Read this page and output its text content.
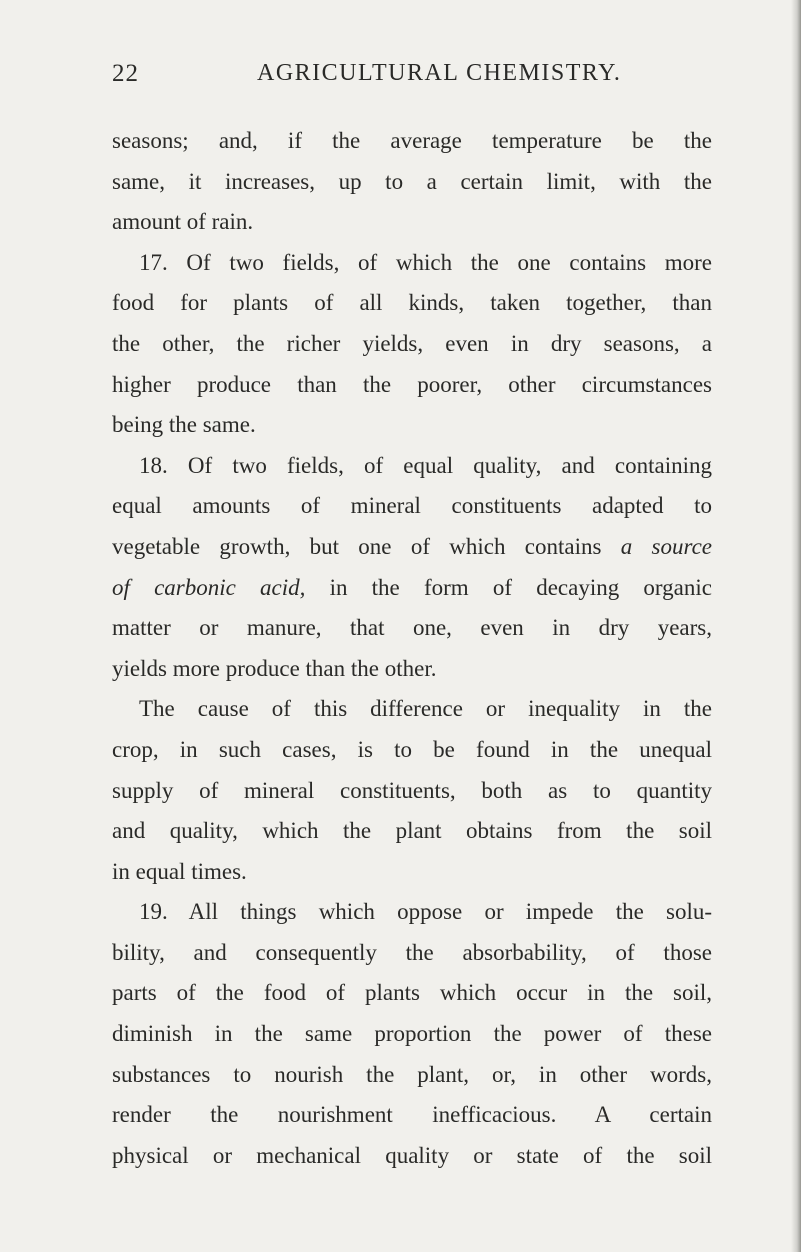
22	AGRICULTURAL CHEMISTRY.
seasons; and, if the average temperature be the
same, it increases, up to a certain limit, with the
amount of rain.
17. Of two fields, of which the one contains more
food for plants of all kinds, taken together, than
the other, the richer yields, even in dry seasons, a
higher produce than the poorer, other circumstances
being the same.
18. Of two fields, of equal quality, and containing
equal amounts of mineral constituents adapted to
vegetable growth, but one of which contains a source
of carbonic acid, in the form of decaying organic
matter or manure, that one, even in dry years,
yields more produce than the other.
The cause of this difference or inequality in the
crop, in such cases, is to be found in the unequal
supply of mineral constituents, both as to quantity
and quality, which the plant obtains from the soil
in equal times.
19. All things which oppose or impede the solu-
bility, and consequently the absorbability, of those
parts of the food of plants which occur in the soil,
diminish in the same proportion the power of these
substances to nourish the plant, or, in other words,
render the nourishment inefficacious. A certain
physical or mechanical quality or state of the soil
